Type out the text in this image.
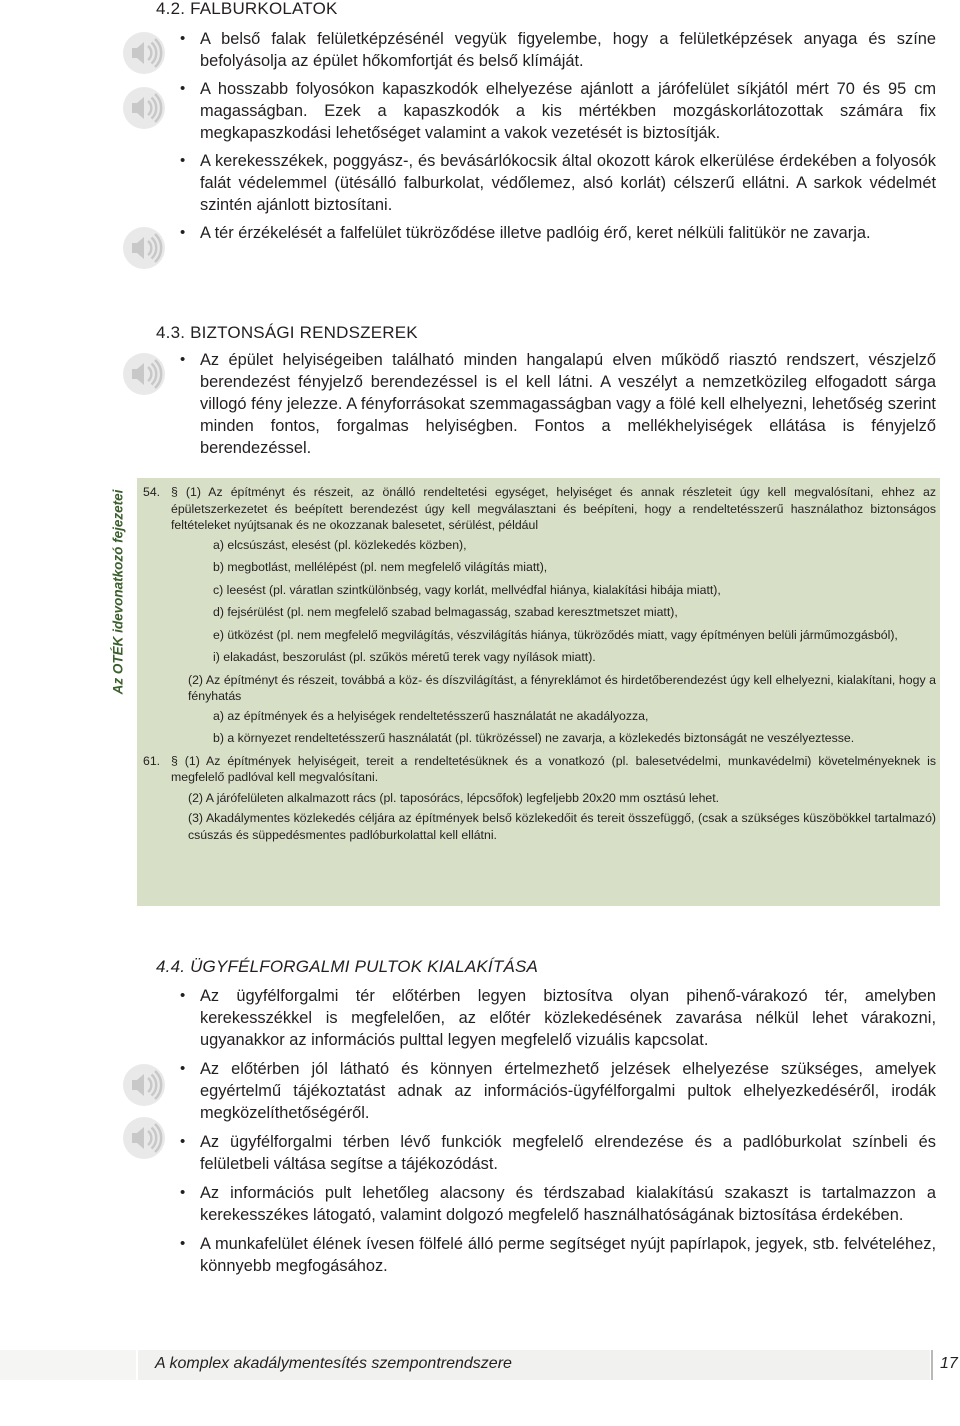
4.2. FALBURKOLATOK
• A belső falak felületképzésénél vegyük figyelembe, hogy a felületképzések anyaga és színe befolyásolja az épület hőkomfortját és belső klímáját.
• A hosszabb folyosókon kapaszkodók elhelyezése ajánlott a járófelület síkjától mért 70 és 95 cm magasságban. Ezek a kapaszkodók a kis mértékben mozgáskorlátozottak számára fix megkapaszkodási lehetőséget valamint a vakok vezetését is biztosítják.
• A kerekesszékek, poggyász-, és bevásárlókocsik által okozott károk elkerülése érdekében a folyosók falát védelemmel (ütésálló falburkolat, védőlemez, alsó korlát) célszerű ellátni. A sarkok védelmét szintén ajánlott biztosítani.
• A tér érzékelését a falfelület tükröződése illetve padlóig érő, keret nélküli falitükör ne zavarja.
4.3. BIZTONSÁGI RENDSZEREK
• Az épület helyiségeiben található minden hangalapú elven működő riasztó rendszert, vészjelző berendezést fényjelző berendezéssel is el kell látni. A veszélyt a nemzetközileg elfogadott sárga villogó fény jelezze. A fényforrásokat szemmagasságban vagy a fölé kell elhelyezni, lehetőség szerint minden fontos, forgalmas helyiségben. Fontos a mellékhelyiségek ellátása is fényjelző berendezéssel.
Az OTÉK idevonatkozó fejezetei 54. § (1) Az építményt és részeit, az önálló rendeltetési egységet, helyiséget és annak részleteit úgy kell megvalósítani, ehhez az épületszerkezetet és beépített berendezést úgy kell megválasztani és beépíteni, hogy a rendeltetésszerű használathoz biztonságos feltételeket nyújtsanak és ne okozzanak balesetet, sérülést, például

a) elcsúszást, elesést (pl. közlekedés közben),

b) megbotlást, mellélépést (pl. nem megfelelő világítás miatt),

c) leesést (pl. váratlan szintkülönbség, vagy korlát, mellvédfal hiánya, kialakítási hibája miatt),

d) fejsérülést (pl. nem megfelelő szabad belmagasság, szabad keresztmetszet miatt),

e) ütközést (pl. nem megfelelő megvilágítás, vészvilágítás hiánya, tükröződés miatt, vagy építményen belüli járműmozgásból),

i) elakadást, beszorulást (pl. szűkös méretű terek vagy nyílások miatt).

(2) Az építményt és részeit, továbbá a köz- és díszvilágítást, a fényreklámot és hirdetőberendezést úgy kell elhelyezni, kialakítani, hogy a fényhatás

a) az építmények és a helyiségek rendeltetésszerű használatát ne akadályozza,

b) a környezet rendeltetésszerű használatát (pl. tükrözéssel) ne zavarja, a közlekedés biztonságát ne veszélyeztesse.

61. § (1) Az építmények helyiségeit, tereit a rendeltetésüknek és a vonatkozó (pl. balesetvédelmi, munkavédelmi) követelményeknek is megfelelő padlóval kell megvalósítani.

(2) A járófelületen alkalmazott rács (pl. taposórács, lépcsőfok) legfeljebb 20x20 mm osztású lehet.

(3) Akadálymentes közlekedés céljára az építmények belső közlekedőit és tereit összefüggő, (csak a szükséges küszöbökkel tartalmazó) csúszás és süppedésmentes padlóburkolattal kell ellátni.

4.4. ÜGYFÉLFORGALMI PULTOK KIALAKÍTÁSA
• Az ügyfélforgalmi tér előtérben legyen biztosítva olyan pihenő-várakozó tér, amelyben kerekesszékkel is megfelelően, az előtér közlekedésének zavarása nélkül lehet várakozni, ugyanakkor az információs pulttal legyen megfelelő vizuális kapcsolat.
• Az előtérben jól látható és könnyen értelmezhető jelzések elhelyezése szükséges, amelyek egyértelmű tájékoztatást adnak az információs-ügyfélforgalmi pultok elhelyezkedéséről, irodák megközelíthetőségéről.
• Az ügyfélforgalmi térben lévő funkciók megfelelő elrendezése és a padlóburkolat színbeli és felületbeli váltása segítse a tájékozódást.
• Az információs pult lehetőleg alacsony és térdszabad kialakítású szakaszt is tartalmazzon a kerekesszékes látogató, valamint dolgozó megfelelő használhatóságának biztosítása érdekében.
• A munkafelület élének ívesen fölfelé álló perme segítséget nyújt papírlapok, jegyek, stb. felvételéhez, könnyebb megfogásához.
A komplex akadálymentesítés szempontrendszere	17
